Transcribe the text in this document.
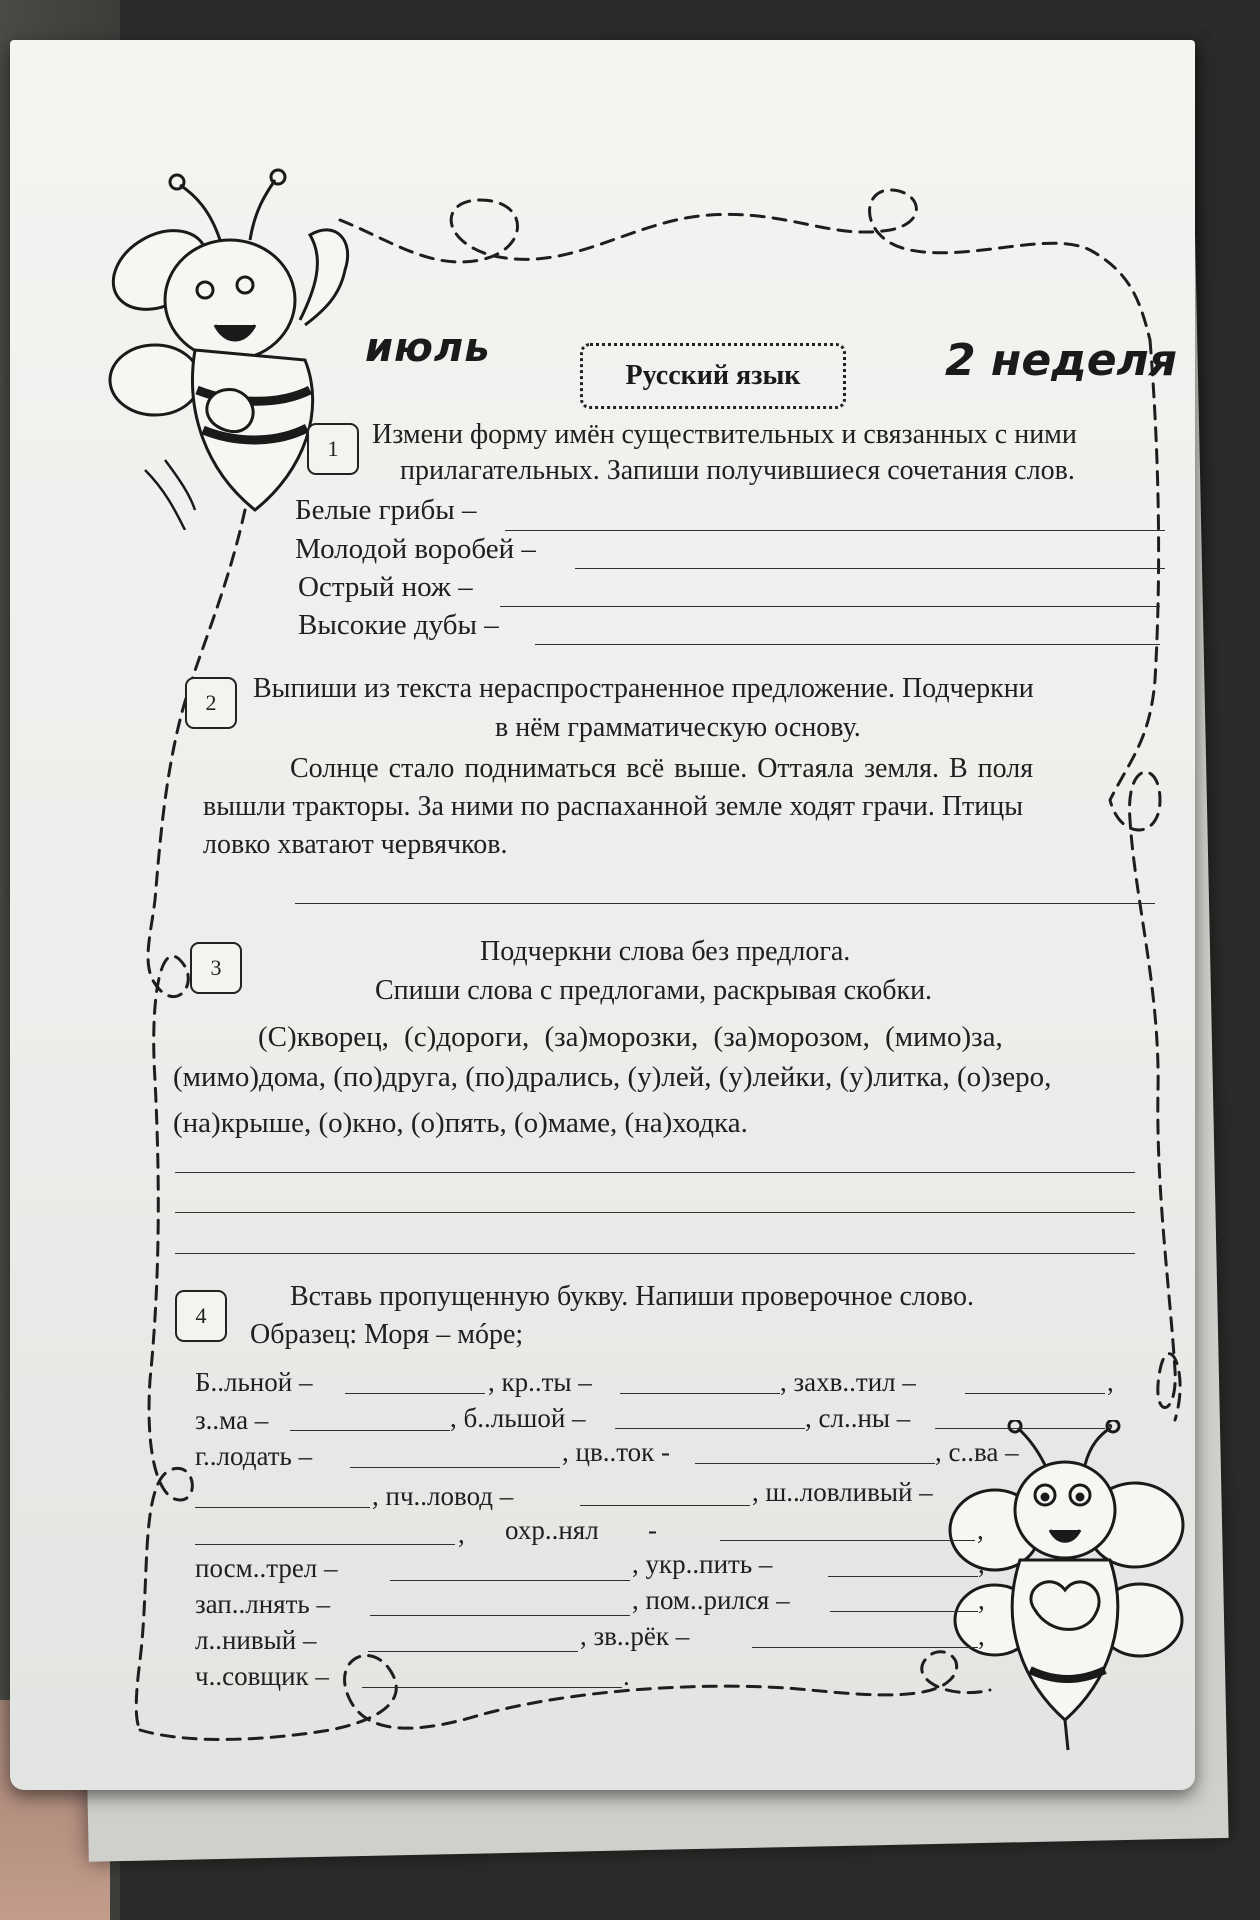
июль
Русский язык	2 неделя
1	Измени форму имён существительных и связанных с ними
прилагательных. Запиши получившиеся сочетания слов.
Белые грибы –
Молодой воробей –
Острый нож –
Высокие дубы –
2	Выпиши из текста нераспространенное предложение. Подчеркни
в нём грамматическую основу.
Солнце стало подниматься всё выше. Оттаяла земля. В поля
вышли тракторы. За ними по распаханной земле ходят грачи. Птицы
ловко хватают червячков.
3
Подчеркни слова без предлога.
Спиши слова с предлогами, раскрывая скобки.
(С)кворец, (с)дороги, (за)морозки, (за)морозом, (мимо)за,
(мимо)дома, (по)друга, (по)дрались, (у)лей, (у)лейки, (у)литка, (о)зеро,
(на)крыше, (о)кно, (о)пять, (о)маме, (на)ходка.
4
Вставь пропущенную букву. Напиши проверочное слово.
Образец: Моря – мóре;
Б..льной –	, кр..ты –	, захв..тил –	,
з..ма –	, б..льшой –	, сл..ны –	,
г..лодать –	, цв..ток -	, с..ва –
, пч..ловод –	, ш..ловливый –
, охр..нял -	,
посм..трел –	, укр..пить –	,
зап..лнять –	, пом..рился –	,
л..нивый –	, зв..рёк –	,
ч..совщик –	.
